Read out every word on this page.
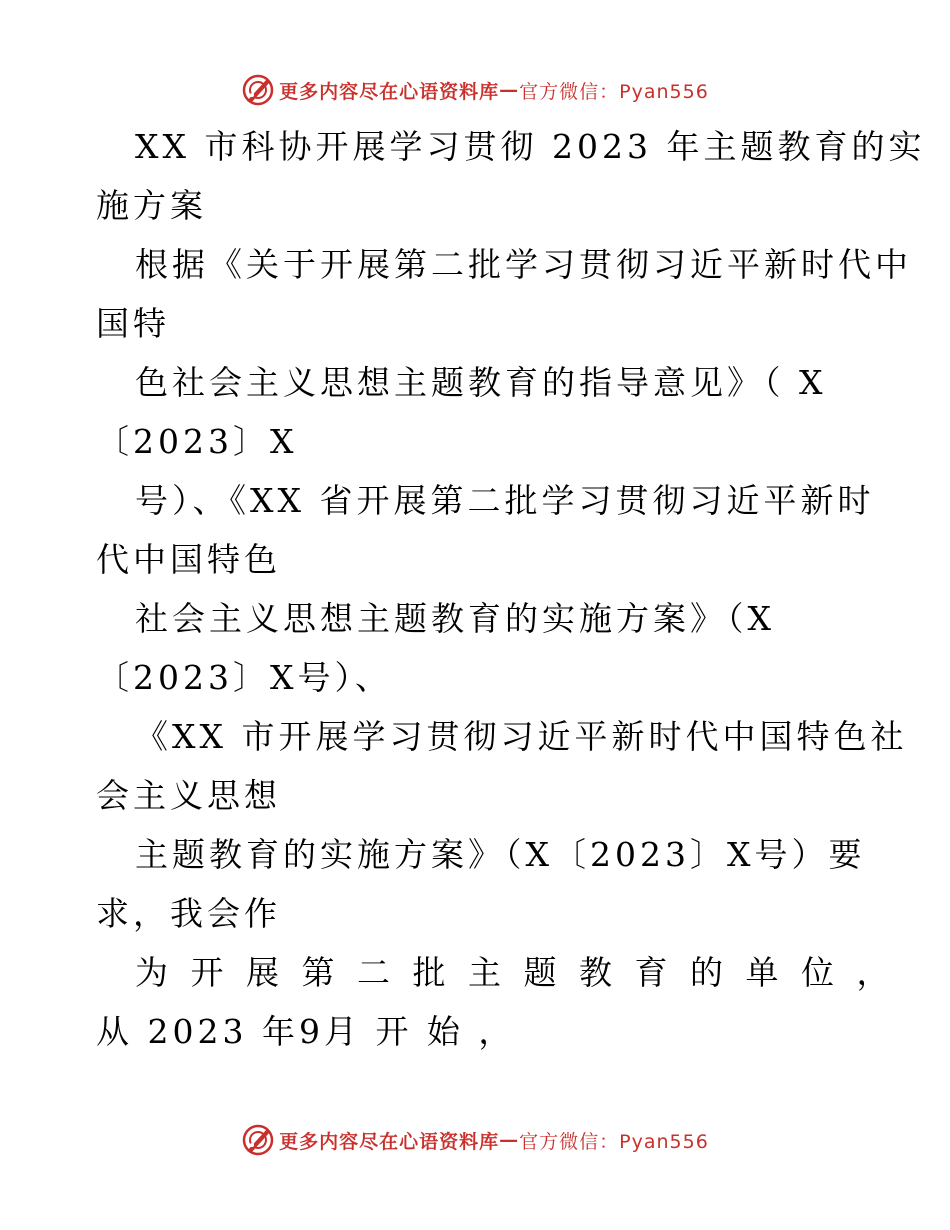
更多内容尽在心语资料库 — 官方微信：Pyan556
XX 市科协开展学习贯彻 2023 年主题教育的实
施方案
根据《关于开展第二批学习贯彻习近平新时代中
国特
色社会主义思想主题教育的指导意见》（ X
〔2023〕X
号）、《XX 省开展第二批学习贯彻习近平新时
代中国特色
社会主义思想主题教育的实施方案》（X
〔2023〕X号）、
《XX 市开展学习贯彻习近平新时代中国特色社
会主义思想
主题教育的实施方案》（X〔2023〕X号）要
求，我会作
为开展第二批主题教育的单位，
从 2023 年9月 开 始 ，
更多内容尽在心语资料库 — 官方微信：Pyan556
